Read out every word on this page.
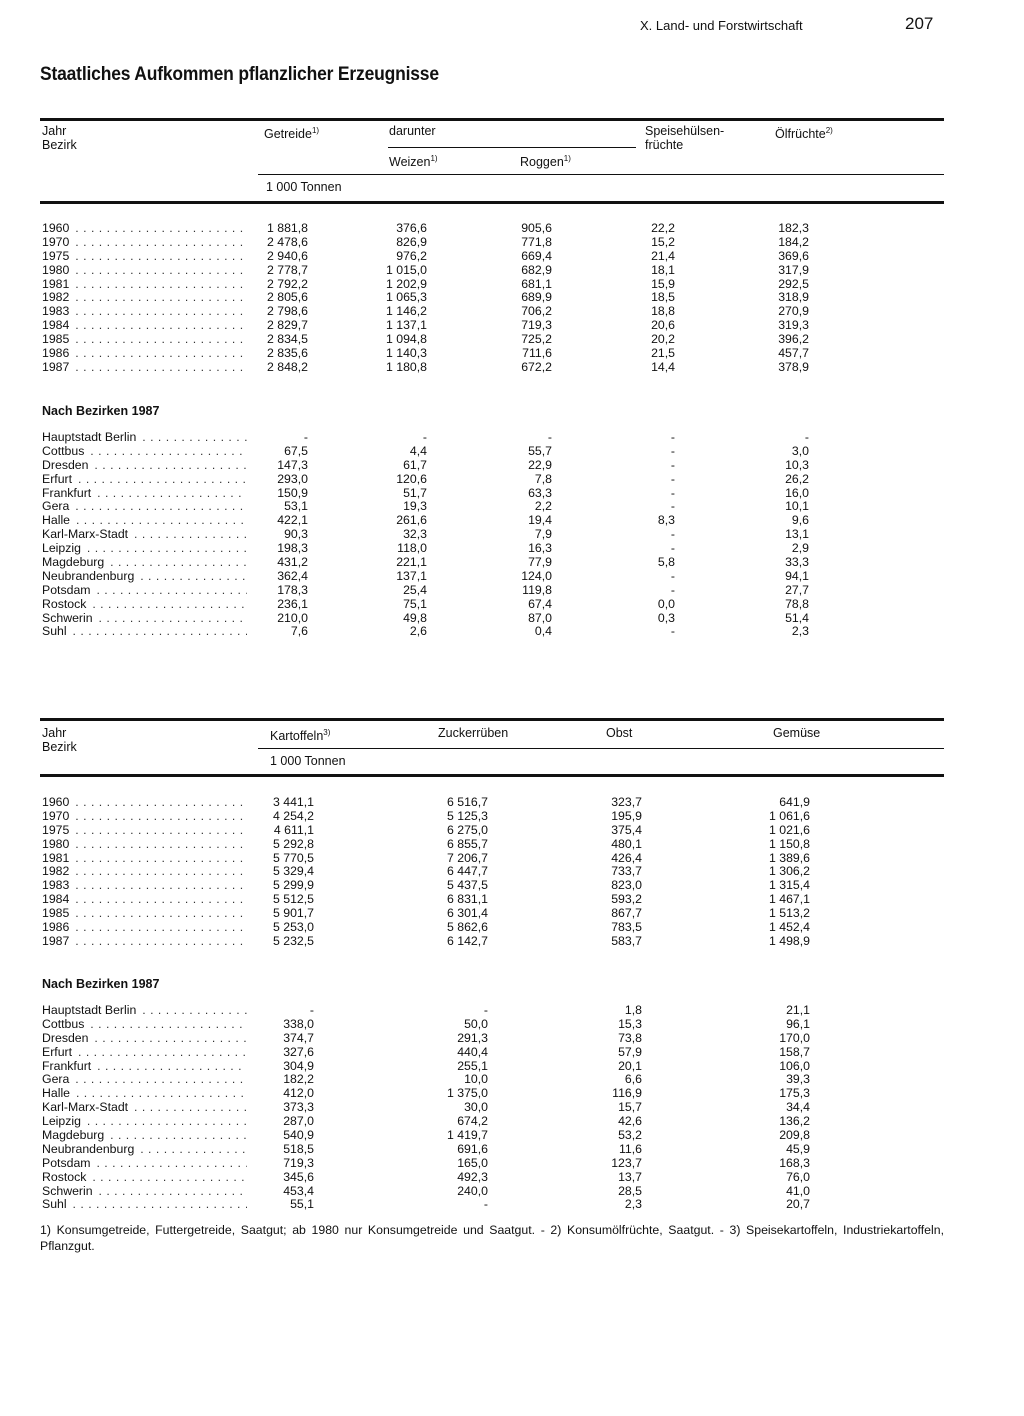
X. Land- und Forstwirtschaft	207
Staatliches Aufkommen pflanzlicher Erzeugnisse
Jahr
Bezirk
Getreide$^{1)}$	darunter
Weizen$^{1)}$	Roggen$^{1)}$
Speisehülsen-
früchte
Ölfrüchte$^{2)}$
1 000 Tonnen
1960 . . .	1 881,8	376,6	905,6	22,2	182,3
1970 . . .	2 478,6	826,9	771,8	15,2	184,2
1975 . . .	2 940,6	976,2	669,4	21,4	369,6
1980 . . .	2 778,7	1 015,0	682,9	18,1	317,9
1981 . . .	2 792,2	1 202,9	681,1	15,9	292,5
1982 . . .	2 805,6	1 065,3	689,9	18,5	318,9
1983 . . .	2 798,6	1 146,2	706,2	18,8	270,9
1984 . . .	2 829,7	1 137,1	719,3	20,6	319,3
1985 . . .	2 834,5	1 094,8	725,2	20,2	396,2
1986 . . .	2 835,6	1 140,3	711,6	21,5	457,7
1987 . . .	2 848,2	1 180,8	672,2	14,4	378,9
Nach Bezirken 1987
Hauptstadt Berlin . . .	-	-	-	-	-
Cottbus . . .	67,5	4,4	55,7	-	3,0
Dresden . . .	147,3	61,7	22,9	-	10,3
Erfurt . . .	293,0	120,6	7,8	-	26,2
Frankfurt . . .	150,9	51,7	63,3	-	16,0
Gera . . .	53,1	19,3	2,2	-	10,1
Halle . . .	422,1	261,6	19,4	8,3	9,6
Karl-Marx-Stadt . . .	90,3	32,3	7,9	-	13,1
Leipzig . . .	198,3	118,0	16,3	-	2,9
Magdeburg . . .	431,2	221,1	77,9	5,8	33,3
Neubrandenburg . . .	362,4	137,1	124,0	-	94,1
Potsdam . . .	178,3	25,4	119,8	-	27,7
Rostock . . .	236,1	75,1	67,4	0,0	78,8
Schwerin . . .	210,0	49,8	87,0	0,3	51,4
Suhl . . .	7,6	2,6	0,4	-	2,3
Jahr
Bezirk
Kartoffeln$^{3)}$	Zuckerrüben	Obst	Gemüse
1 000 Tonnen
1960 . . .	3 441,1	6 516,7	323,7	641,9
1970 . . .	4 254,2	5 125,3	195,9	1 061,6
1975 . . .	4 611,1	6 275,0	375,4	1 021,6
1980 . . .	5 292,8	6 855,7	480,1	1 150,8
1981 . . .	5 770,5	7 206,7	426,4	1 389,6
1982 . . .	5 329,4	6 447,7	733,7	1 306,2
1983 . . .	5 299,9	5 437,5	823,0	1 315,4
1984 . . .	5 512,5	6 831,1	593,2	1 467,1
1985 . . .	5 901,7	6 301,4	867,7	1 513,2
1986 . . .	5 253,0	5 862,6	783,5	1 452,4
1987 . . .	5 232,5	6 142,7	583,7	1 498,9
Nach Bezirken 1987
Hauptstadt Berlin . . .	-	-	1,8	21,1
Cottbus . . .	338,0	50,0	15,3	96,1
Dresden . . .	374,7	291,3	73,8	170,0
Erfurt . . .	327,6	440,4	57,9	158,7
Frankfurt . . .	304,9	255,1	20,1	106,0
Gera . . .	182,2	10,0	6,6	39,3
Halle . . .	412,0	1 375,0	116,9	175,3
Karl-Marx-Stadt . . .	373,3	30,0	15,7	34,4
Leipzig . . .	287,0	674,2	42,6	136,2
Magdeburg . . .	540,9	1 419,7	53,2	209,8
Neubrandenburg . . .	518,5	691,6	11,6	45,9
Potsdam . . .	719,3	165,0	123,7	168,3
Rostock . . .	345,6	492,3	13,7	76,0
Schwerin . . .	453,4	240,0	28,5	41,0
Suhl . . .	55,1	-	2,3	20,7
1) Konsumgetreide, Futtergetreide, Saatgut; ab 1980 nur Konsumgetreide und Saatgut. - 2) Konsumölfrüchte, Saatgut. - 3) Speisekartoffeln, Industriekartoffeln, Pflanzgut.
